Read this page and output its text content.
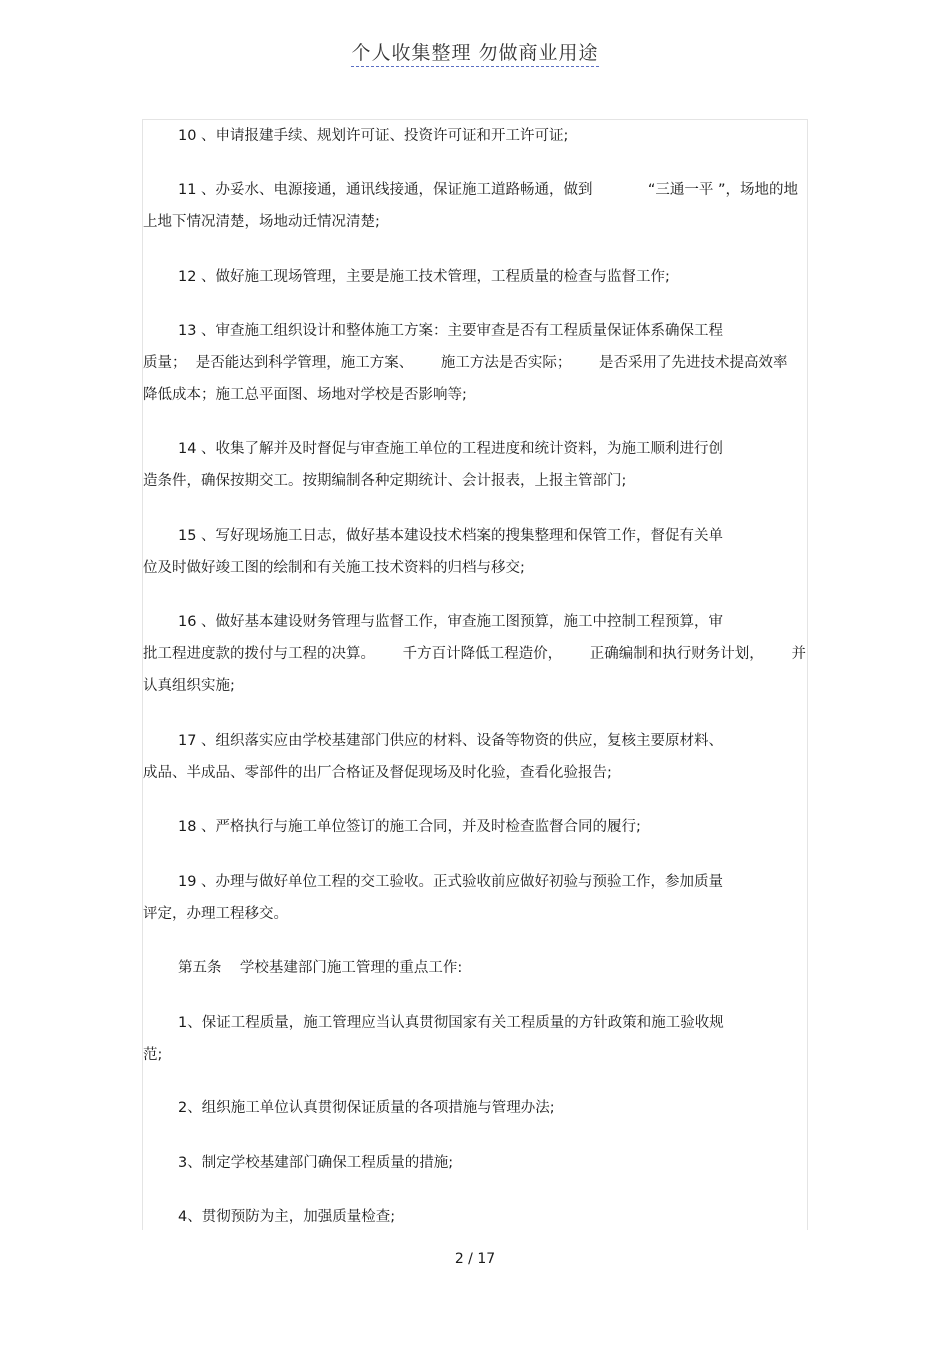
个人收集整理 勿做商业用途
10 、申请报建手续、规划许可证、投资许可证和开工许可证;
11 、办妥水、电源接通，通讯线接通，保证施工道路畅通，做到            “三通一平 ”，场地的地
上地下情况清楚，场地动迁情况清楚;
12 、做好施工现场管理，主要是施工技术管理，工程质量的检查与监督工作;
13 、审查施工组织设计和整体施工方案：主要审查是否有工程质量保证体系确保工程
质量；  是否能达到科学管理，施工方案、      施工方法是否实际；      是否采用了先进技术提高效率
降低成本；施工总平面图、场地对学校是否影响等;
14 、收集了解并及时督促与审查施工单位的工程进度和统计资料，为施工顺利进行创
造条件，确保按期交工。按期编制各种定期统计、会计报表，上报主管部门;
15 、写好现场施工日志，做好基本建设技术档案的搜集整理和保管工作，督促有关单
位及时做好竣工图的绘制和有关施工技术资料的归档与移交;
16 、做好基本建设财务管理与监督工作，审查施工图预算，施工中控制工程预算，审
批工程进度款的拨付与工程的决算。      千方百计降低工程造价，      正确编制和执行财务计划，      并
认真组织实施;
17 、组织落实应由学校基建部门供应的材料、设备等物资的供应，复核主要原材料、
成品、半成品、零部件的出厂合格证及督促现场及时化验，查看化验报告;
18 、严格执行与施工单位签订的施工合同，并及时检查监督合同的履行;
19 、办理与做好单位工程的交工验收。正式验收前应做好初验与预验工作，参加质量
评定，办理工程移交。
第五条    学校基建部门施工管理的重点工作:
1、保证工程质量，施工管理应当认真贯彻国家有关工程质量的方针政策和施工验收规
范;
2、组织施工单位认真贯彻保证质量的各项措施与管理办法;
3、制定学校基建部门确保工程质量的措施;
4、贯彻预防为主，加强质量检查;
2 / 17
